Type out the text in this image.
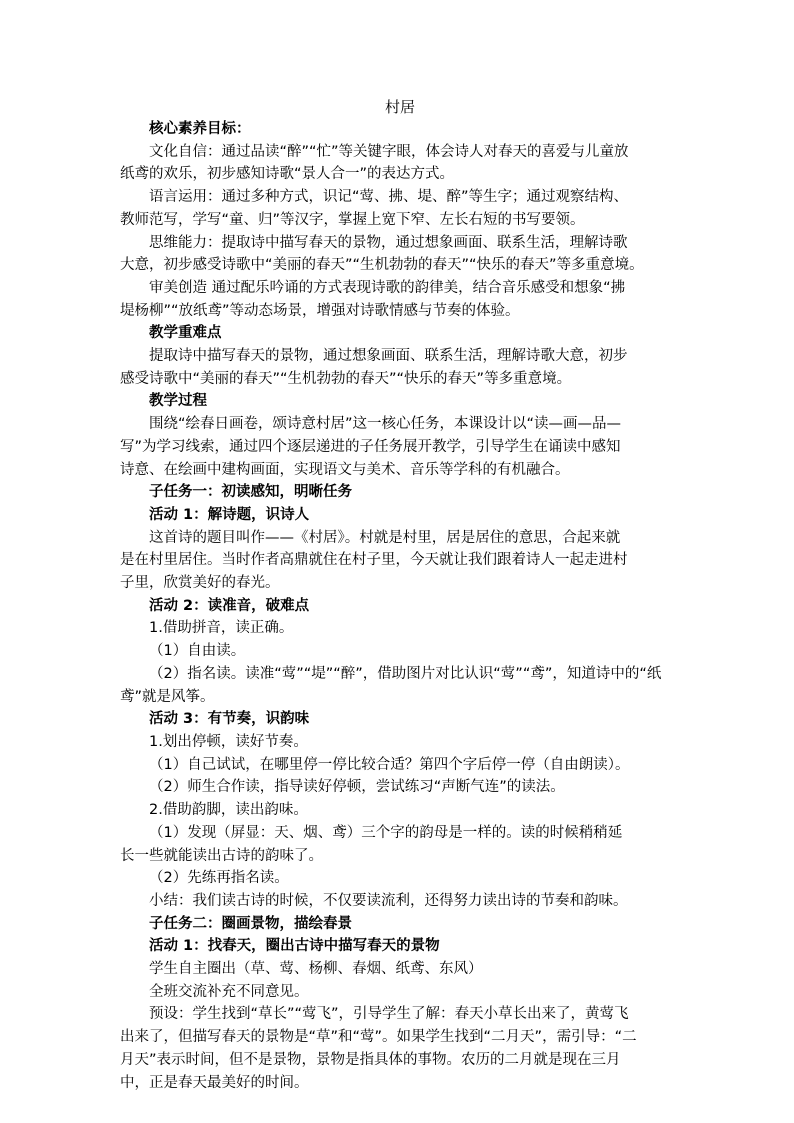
村居
核心素养目标：
文化自信：通过品读“醉”“忙”等关键字眼，体会诗人对春天的喜爱与儿童放
纸鸢的欢乐，初步感知诗歌“景人合一”的表达方式。
语言运用：通过多种方式，识记“莺、拂、堤、醉”等生字；通过观察结构、
教师范写，学写“童、归”等汉字，掌握上宽下窄、左长右短的书写要领。
思维能力：提取诗中描写春天的景物，通过想象画面、联系生活，理解诗歌
大意，初步感受诗歌中“美丽的春天”“生机勃勃的春天”“快乐的春天”等多重意境。
审美创造 通过配乐吟诵的方式表现诗歌的韵律美，结合音乐感受和想象“拂
堤杨柳”“放纸鸢”等动态场景，增强对诗歌情感与节奏的体验。
教学重难点
提取诗中描写春天的景物，通过想象画面、联系生活，理解诗歌大意，初步
感受诗歌中“美丽的春天”“生机勃勃的春天”“快乐的春天”等多重意境。
教学过程
围绕“绘春日画卷，颂诗意村居”这一核心任务，本课设计以“读—画—品—
写”为学习线索，通过四个逐层递进的子任务展开教学，引导学生在诵读中感知
诗意、在绘画中建构画面，实现语文与美术、音乐等学科的有机融合。
子任务一：初读感知，明晰任务
活动 1：解诗题，识诗人
这首诗的题目叫作——《村居》。村就是村里，居是居住的意思，合起来就
是在村里居住。当时作者高鼎就住在村子里，今天就让我们跟着诗人一起走进村
子里，欣赏美好的春光。
活动 2：读准音，破难点
1.借助拼音，读正确。
（1）自由读。
（2）指名读。读准“莺”“堤”“醉”，借助图片对比认识“莺”“鸢”，知道诗中的“纸
鸢”就是风筝。
活动 3：有节奏，识韵味
1.划出停顿，读好节奏。
（1）自己试试，在哪里停一停比较合适？第四个字后停一停（自由朗读）。
（2）师生合作读，指导读好停顿，尝试练习“声断气连”的读法。
2.借助韵脚，读出韵味。
（1）发现（屏显：天、烟、鸢）三个字的韵母是一样的。读的时候稍稍延
长一些就能读出古诗的韵味了。
（2）先练再指名读。
小结：我们读古诗的时候，不仅要读流利，还得努力读出诗的节奏和韵味。
子任务二：圈画景物，描绘春景
活动 1：找春天，圈出古诗中描写春天的景物
学生自主圈出（草、莺、杨柳、春烟、纸鸢、东风）
全班交流补充不同意见。
预设：学生找到“草长”“莺飞”，引导学生了解：春天小草长出来了，黄莺飞
出来了，但描写春天的景物是“草”和“莺”。如果学生找到“二月天”，需引导：“二
月天”表示时间，但不是景物，景物是指具体的事物。农历的二月就是现在三月
中，正是春天最美好的时间。
